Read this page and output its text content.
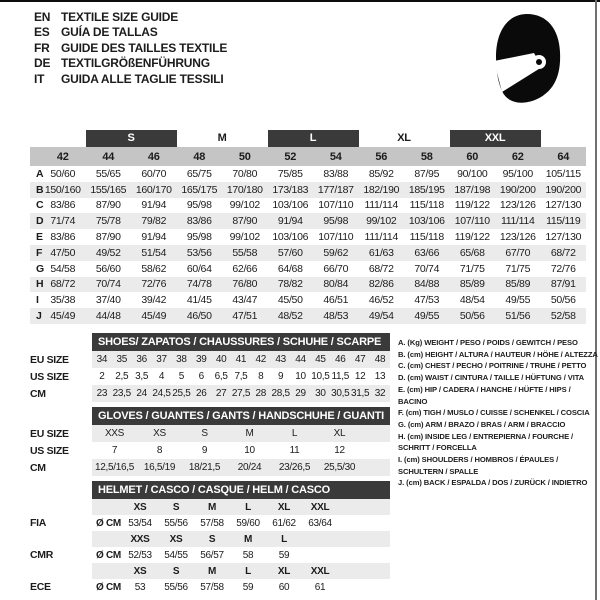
EN TEXTILE SIZE GUIDE
ES GUÍA DE TALLAS
FR GUIDE DES TAILLES TEXTILE
DE TEXTILGRÖßENFÜHRUNG
IT	GUIDA ALLE TAGLIE TESSILI
S	M	L	XL	XXL
42	44	46	48	50	52	54	56	58	60	62	64
A 50/60	55/65	60/70	65/75	70/80	75/85	83/88	85/92	87/95	90/100	95/100	105/115
B 150/160 155/165 160/170 165/175 170/180 173/183 177/187 182/190 185/195 187/198 190/200 190/200
C 83/86	87/90	91/94	95/98	99/102	103/106 107/110	111/114	115/118	119/122 123/126 127/130
D 71/74	75/78	79/82	83/86	87/90	91/94	95/98	99/102	103/106 107/110	111/114	115/119
E 83/86	87/90	91/94	95/98	99/102	103/106 107/110	111/114	115/118	119/122 123/126 127/130
F 47/50	49/52	51/54	53/56	55/58	57/60	59/62	61/63	63/66	65/68	67/70	68/72
G 54/58	56/60	58/62	60/64	62/66	64/68	66/70	68/72	70/74	71/75	71/75	72/76
H 68/72	70/74	72/76	74/78	76/80	78/82	80/84	82/86	84/88	85/89	85/89	87/91
I	35/38	37/40	39/42	41/45	43/47	45/50	46/51	46/52	47/53	48/54	49/55	50/56
J 45/49	44/48	45/49	46/50	47/51	48/52	48/53	49/54	49/55	50/56	51/56	52/58
SHOES/ ZAPATOS / CHAUSSURES / SCHUHE / SCARPE
EU SIZE	34 35 36 37 38 39 40 41 42 43 44 45 46 47 48
US SIZE	2	2,5 3,5	4	5	6	6,5 7,5	8	9	10 10,5 11,5 12 13
CM	23 23,5 24 24,5 25,5 26 27 27,5 28 28,5 29 30 30,5 31,5 32
GLOVES / GUANTES / GANTS / HANDSCHUHE / GUANTI
EU SIZE	XXS	XS	S	M	L	XL
US SIZE	7	8	9	10	11	12
CM	12,5/16,5 16,5/19	18/21,5	20/24	23/26,5	25,5/30
HELMET / CASCO / CASQUE / HELM / CASCO
XS	S	M	L	XL	XXL
FIA	Ø CM 53/54	55/56	57/58	59/60	61/62	63/64
XXS	XS	S	M	L
CMR	Ø CM 52/53	54/55	56/57	58	59
XS	S	M	L	XL	XXL
ECE	Ø CM	53	55/56	57/58	59	60	61
A. (Kg) WEIGHT / PESO / POIDS / GEWITCH / PESO
B. (cm) HEIGHT / ALTURA / HAUTEUR / HÖHE / ALTEZZA
C. (cm) CHEST / PECHO / POITRINE / TRUHE / PETTO
D. (cm) WAIST / CINTURA / TAILLE / HÜFTUNG / VITA
E. (cm) HIP / CADERA / HANCHE / HÜFTE / HIPS / BACINO
F. (cm) TIGH / MUSLO / CUISSE / SCHENKEL / COSCIA
G. (cm) ARM / BRAZO / BRAS / ARM / BRACCIO
H. (cm) INSIDE LEG / ENTREPIERNA / FOURCHE / SCHRITT / FORCELLA
I. (cm) SHOULDERS / HOMBROS / ÉPAULES / SCHULTERN / SPALLE
J. (cm) BACK / ESPALDA / DOS / ZURÜCK / INDIETRO
